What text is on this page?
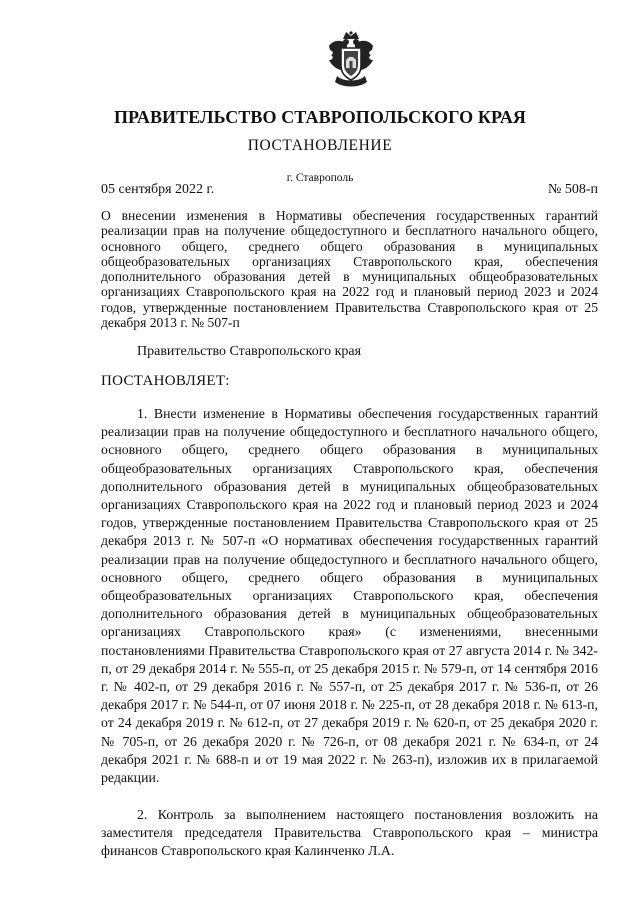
ПРАВИТЕЛЬСТВО СТАВРОПОЛЬСКОГО КРАЯ
ПОСТАНОВЛЕНИЕ
г. Ставрополь
05 сентября 2022 г.	№ 508-п
О внесении изменения в Нормативы обеспечения государственных гарантий реализации прав на получение общедоступного и бесплатного начального общего, основного общего, среднего общего образования в муниципальных общеобразовательных организациях Ставропольского края, обеспечения дополнительного образования детей в муниципальных общеобразовательных организациях Ставропольского края на 2022 год и плановый период 2023 и 2024 годов, утвержденные постановлением Правительства Ставропольского края от 25 декабря 2013 г. № 507-п
Правительство Ставропольского края
ПОСТАНОВЛЯЕТ:
1. Внести изменение в Нормативы обеспечения государственных гарантий реализации прав на получение общедоступного и бесплатного начального общего, основного общего, среднего общего образования в муниципальных общеобразовательных организациях Ставропольского края, обеспечения дополнительного образования детей в муниципальных общеобразовательных организациях Ставропольского края на 2022 год и плановый период 2023 и 2024 годов, утвержденные постановлением Правительства Ставропольского края от 25 декабря 2013 г. № 507-п «О нормативах обеспечения государственных гарантий реализации прав на получение общедоступного и бесплатного начального общего, основного общего, среднего общего образования в муниципальных общеобразовательных организациях Ставропольского края, обеспечения дополнительного образования детей в муниципальных общеобразовательных организациях Ставропольского края» (с изменениями, внесенными постановлениями Правительства Ставропольского края от 27 августа 2014 г. № 342-п, от 29 декабря 2014 г. № 555-п, от 25 декабря 2015 г. № 579-п, от 14 сентября 2016 г. № 402-п, от 29 декабря 2016 г. № 557-п, от 25 декабря 2017 г. № 536-п, от 26 декабря 2017 г. № 544-п, от 07 июня 2018 г. № 225-п, от 28 декабря 2018 г. № 613-п, от 24 декабря 2019 г. № 612-п, от 27 декабря 2019 г. № 620-п, от 25 декабря 2020 г. № 705-п, от 26 декабря 2020 г. № 726-п, от 08 декабря 2021 г. № 634-п, от 24 декабря 2021 г. № 688-п и от 19 мая 2022 г. № 263-п), изложив их в прилагаемой редакции.
2. Контроль за выполнением настоящего постановления возложить на заместителя председателя Правительства Ставропольского края – министра финансов Ставропольского края Калинченко Л.А.
